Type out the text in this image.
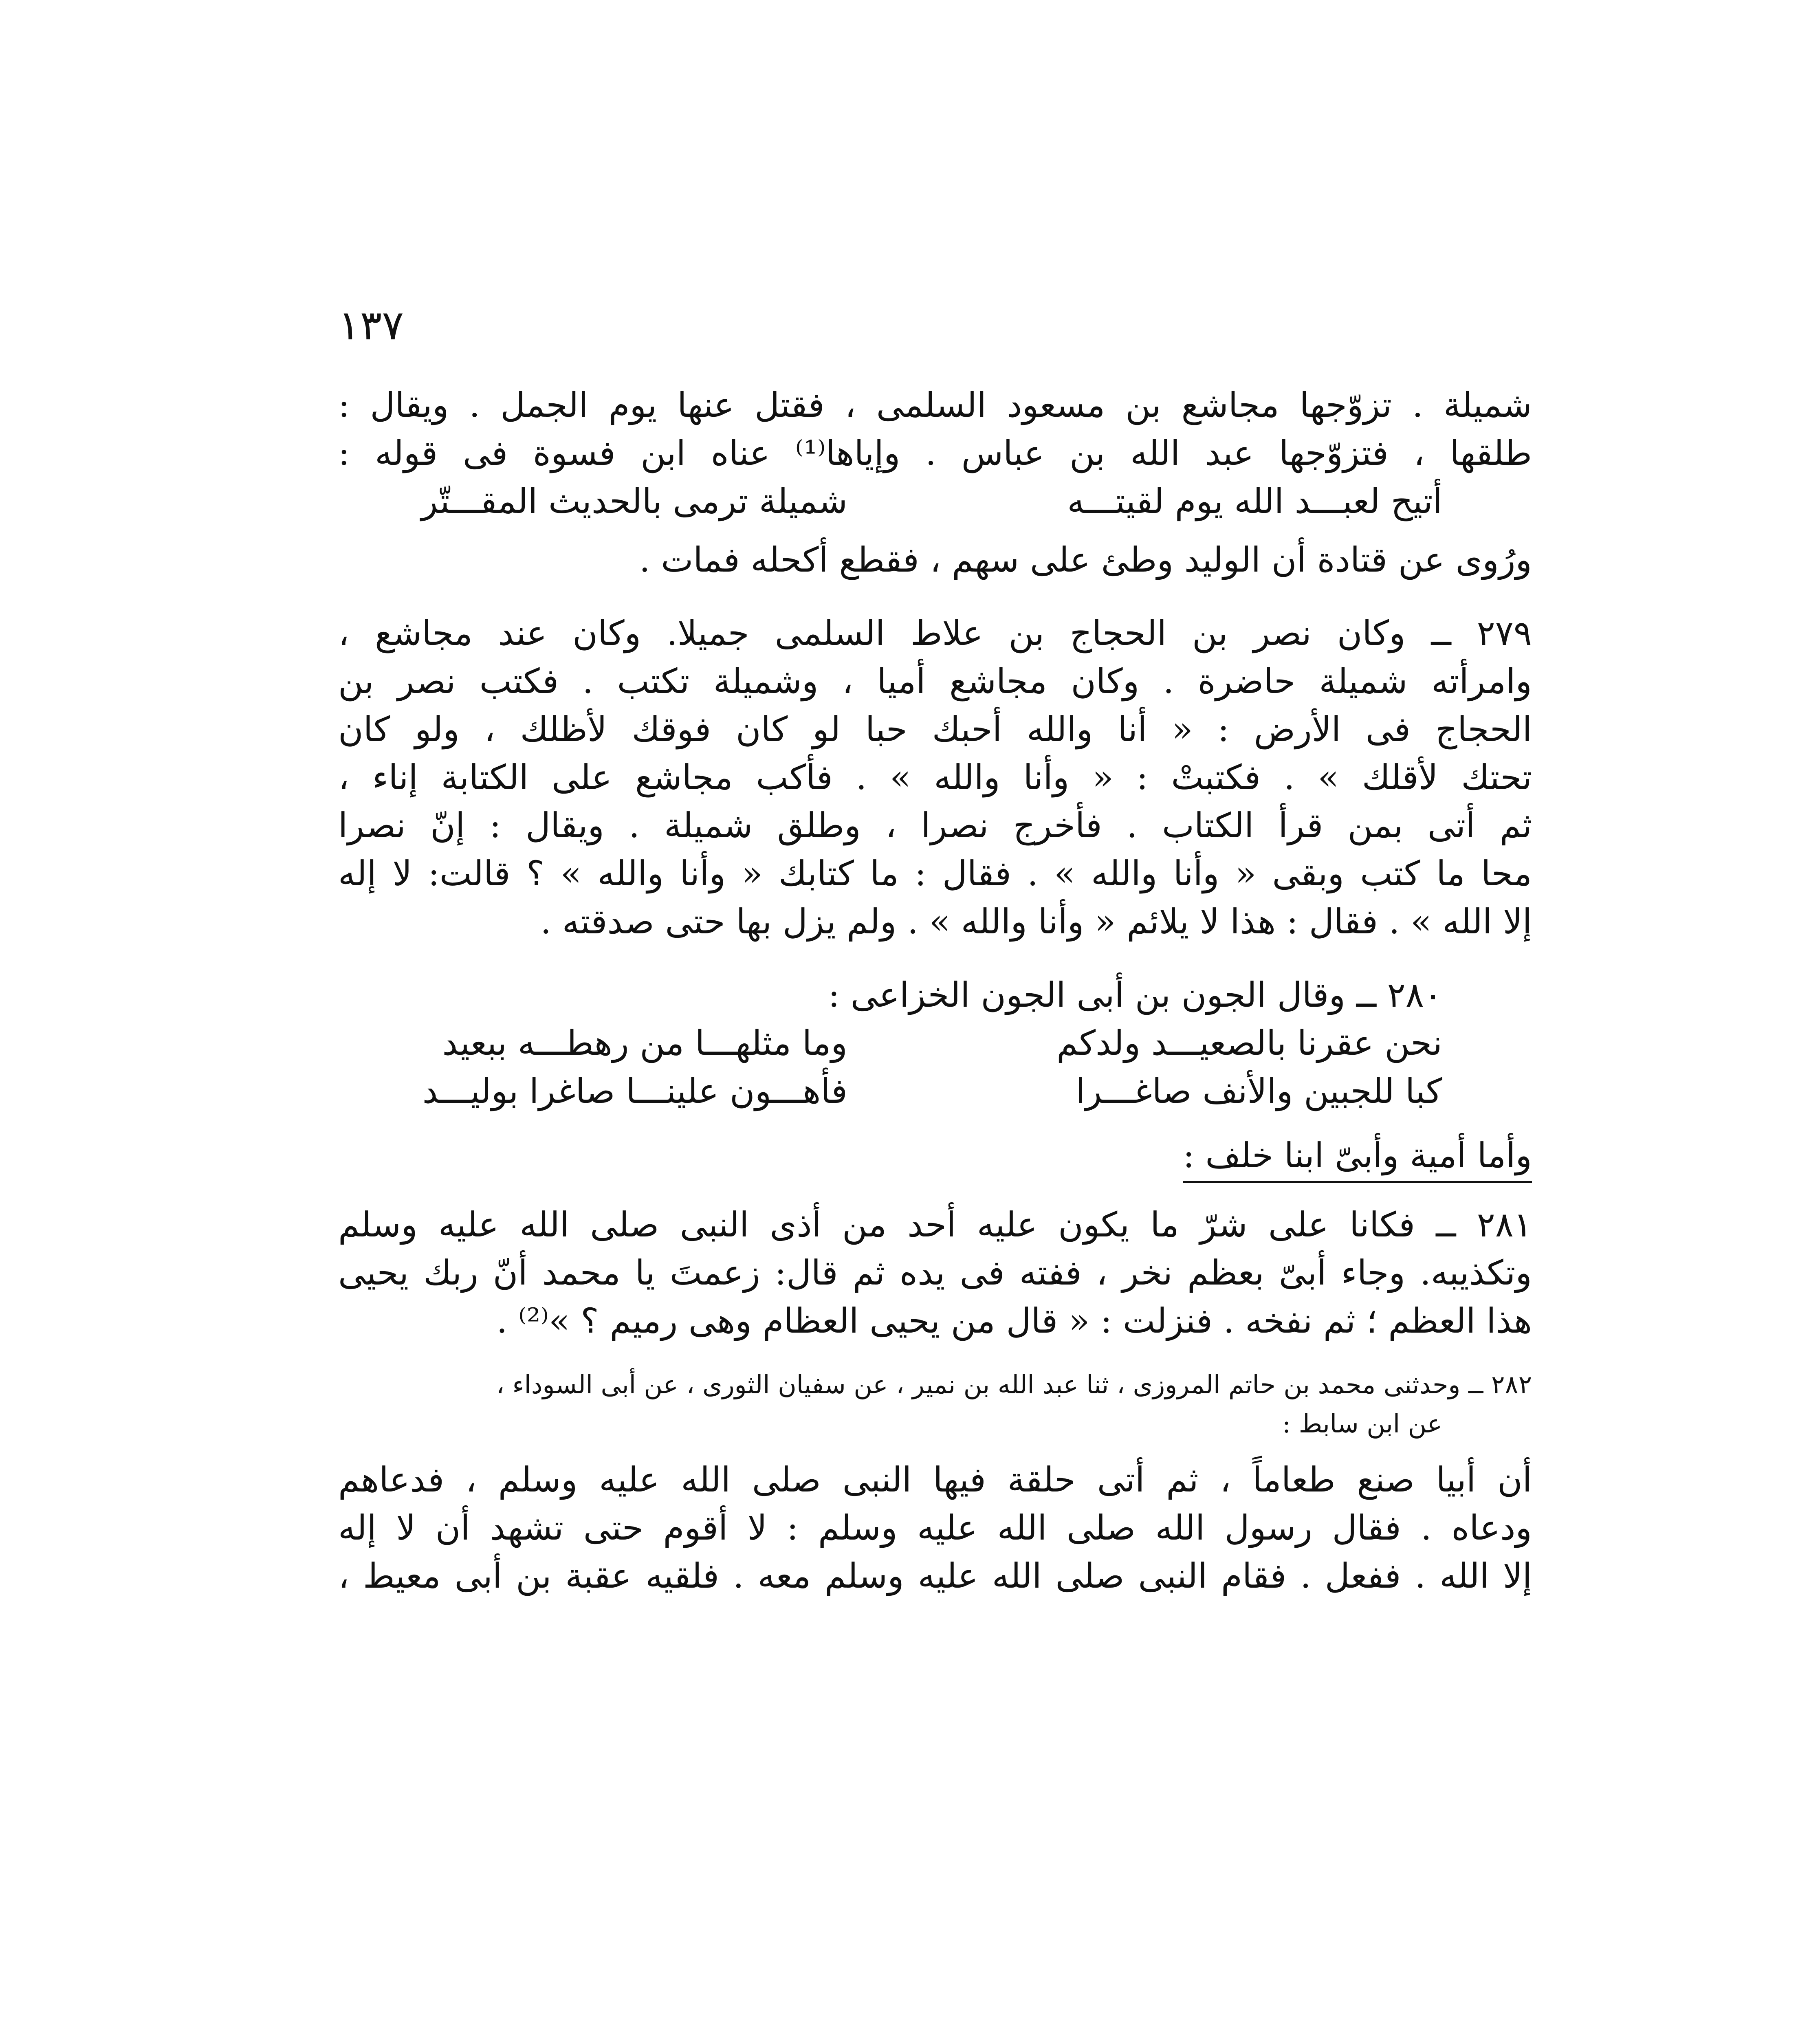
١٣٧
شميلة . تزوّجها مجاشع بن مسعود السلمى ، فقتل عنها يوم الجمل . ويقال :
طلقها ، فتزوّجها عبد الله بن عباس . وإياها⁽¹⁾ عناه ابن فسوة فى قوله :
أتيح لعبـــد الله يوم لقيتـــه
شميلة ترمى بالحديث المقـــتّر
ورُوى عن قتادة أن الوليد وطئ على سهم ، فقطع أكحله فمات .
٢٧٩ ــ وكان نصر بن الحجاج بن علاط السلمى جميلا. وكان عند مجاشع ،
وامرأته شميلة حاضرة . وكان مجاشع أميا ، وشميلة تكتب . فكتب نصر بن
الحجاج فى الأرض : « أنا والله أحبك حبا لو كان فوقك لأظلك ، ولو كان
تحتك لأقلك » . فكتبتْ : « وأنا والله » . فأكب مجاشع على الكتابة إناء ،
ثم أتى بمن قرأ الكتاب . فأخرج نصرا ، وطلق شميلة . ويقال : إنّ نصرا
محا ما كتب وبقى « وأنا والله » . فقال : ما كتابك « وأنا والله » ؟ قالت: لا إله
إلا الله » . فقال : هذا لا يلائم « وأنا والله » . ولم يزل بها حتى صدقته .
٢٨٠ ــ وقال الجون بن أبى الجون الخزاعى :
نحن عقرنا بالصعيـــد ولدكم
وما مثلهـــا من رهطـــه ببعيد
كبا للجبين والأنف صاغـــرا
فأهـــون علينـــا صاغرا بوليـــد
وأما أمية وأبىّ ابنا خلف :
٢٨١ ــ فكانا على شرّ ما يكون عليه أحد من أذى النبى صلى الله عليه وسلم
وتكذيبه. وجاء أبىّ بعظم نخر ، ففته فى يده ثم قال: زعمتَ يا محمد أنّ ربك يحيى
هذا العظم ؛ ثم نفخه . فنزلت : « قال من يحيى العظام وهى رميم ؟ »⁽²⁾ .
٢٨٢ ــ وحدثنى محمد بن حاتم المروزى ، ثنا عبد الله بن نمير ، عن سفيان الثورى ، عن أبى السوداء ،
عن ابن سابط :
أن أبيا صنع طعاماً ، ثم أتى حلقة فيها النبى صلى الله عليه وسلم ، فدعاهم
ودعاه . فقال رسول الله صلى الله عليه وسلم : لا أقوم حتى تشهد أن لا إله
إلا الله . ففعل . فقام النبى صلى الله عليه وسلم معه . فلقيه عقبة بن أبى معيط ،
